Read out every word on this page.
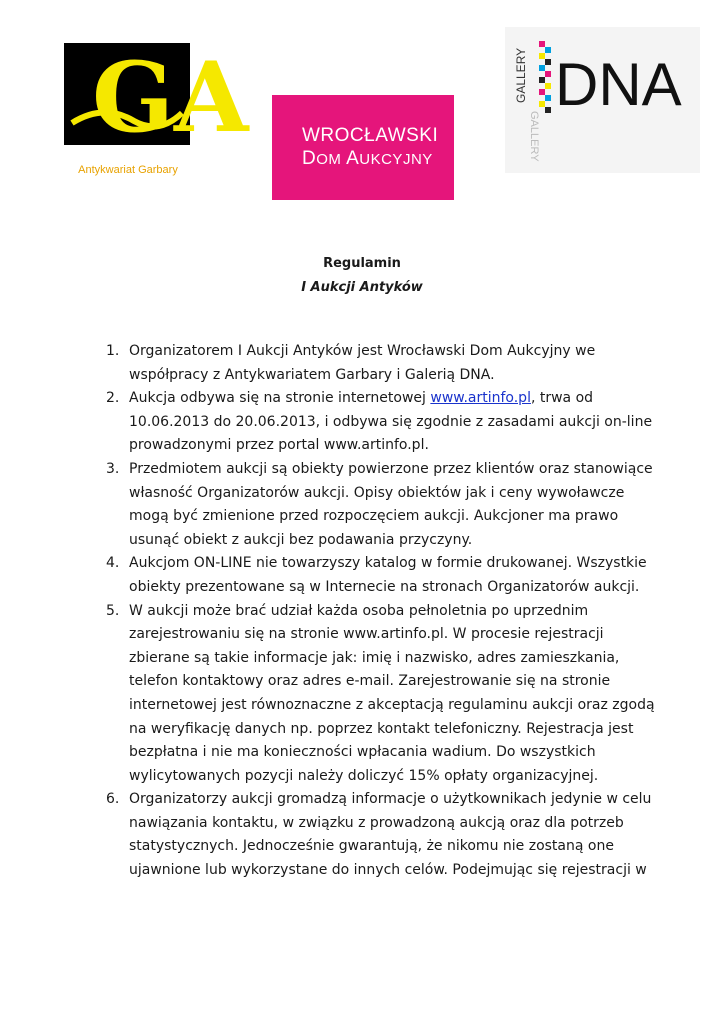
GA
Antykwariat Garbary
WROCŁAWSKI
DOM AUKCYJNY
GALLERY
GALLERY
DNA
Regulamin
I Aukcji Antyków
1. Organizatorem I Aukcji Antyków jest Wrocławski Dom Aukcyjny we
współpracy z Antykwariatem Garbary i Galerią DNA.
2. Aukcja odbywa się na stronie internetowej www.artinfo.pl, trwa od
10.06.2013 do 20.06.2013, i odbywa się zgodnie z zasadami aukcji on-line
prowadzonymi przez portal www.artinfo.pl.
3. Przedmiotem aukcji są obiekty powierzone przez klientów oraz stanowiące
własność Organizatorów aukcji. Opisy obiektów jak i ceny wywoławcze
mogą być zmienione przed rozpoczęciem aukcji. Aukcjoner ma prawo
usunąć obiekt z aukcji bez podawania przyczyny.
4. Aukcjom ON-LINE nie towarzyszy katalog w formie drukowanej. Wszystkie
obiekty prezentowane są w Internecie na stronach Organizatorów aukcji.
5. W aukcji może brać udział każda osoba pełnoletnia po uprzednim
zarejestrowaniu się na stronie www.artinfo.pl. W procesie rejestracji
zbierane są takie informacje jak: imię i nazwisko, adres zamieszkania,
telefon kontaktowy oraz adres e-mail. Zarejestrowanie się na stronie
internetowej jest równoznaczne z akceptacją regulaminu aukcji oraz zgodą
na weryfikację danych np. poprzez kontakt telefoniczny. Rejestracja jest
bezpłatna i nie ma konieczności wpłacania wadium. Do wszystkich
wylicytowanych pozycji należy doliczyć 15% opłaty organizacyjnej.
6. Organizatorzy aukcji gromadzą informacje o użytkownikach jedynie w celu
nawiązania kontaktu, w związku z prowadzoną aukcją oraz dla potrzeb
statystycznych. Jednocześnie gwarantują, że nikomu nie zostaną one
ujawnione lub wykorzystane do innych celów. Podejmując się rejestracji w
